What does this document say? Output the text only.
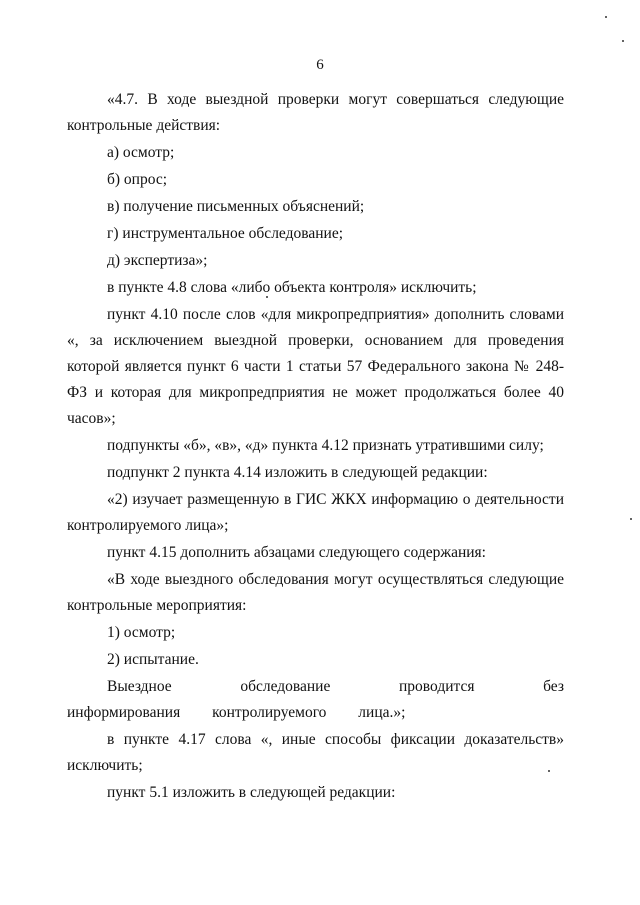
6

«4.7. В ходе выездной проверки могут совершаться следующие контрольные действия:

а) осмотр;

б) опрос;

в) получение письменных объяснений;

г) инструментальное обследование;

д) экспертиза»;

в пункте 4.8 слова «либо объекта контроля» исключить;

пункт 4.10 после слов «для микропредприятия» дополнить словами «, за исключением выездной проверки, основанием для проведения которой является пункт 6 части 1 статьи 57 Федерального закона № 248-ФЗ и которая для микропредприятия не может продолжаться более 40 часов»;

подпункты «б», «в», «д» пункта 4.12 признать утратившими силу;

подпункт 2 пункта 4.14 изложить в следующей редакции:

«2) изучает размещенную в ГИС ЖКХ информацию о деятельности контролируемого лица»;

пункт 4.15 дополнить абзацами следующего содержания:

«В ходе выездного обследования могут осуществляться следующие контрольные мероприятия:

1) осмотр;

2) испытание.

Выездное обследование проводится без информирования контролируемого лица.»;

в пункте 4.17 слова «, иные способы фиксации доказательств» исключить;

пункт 5.1 изложить в следующей редакции:
